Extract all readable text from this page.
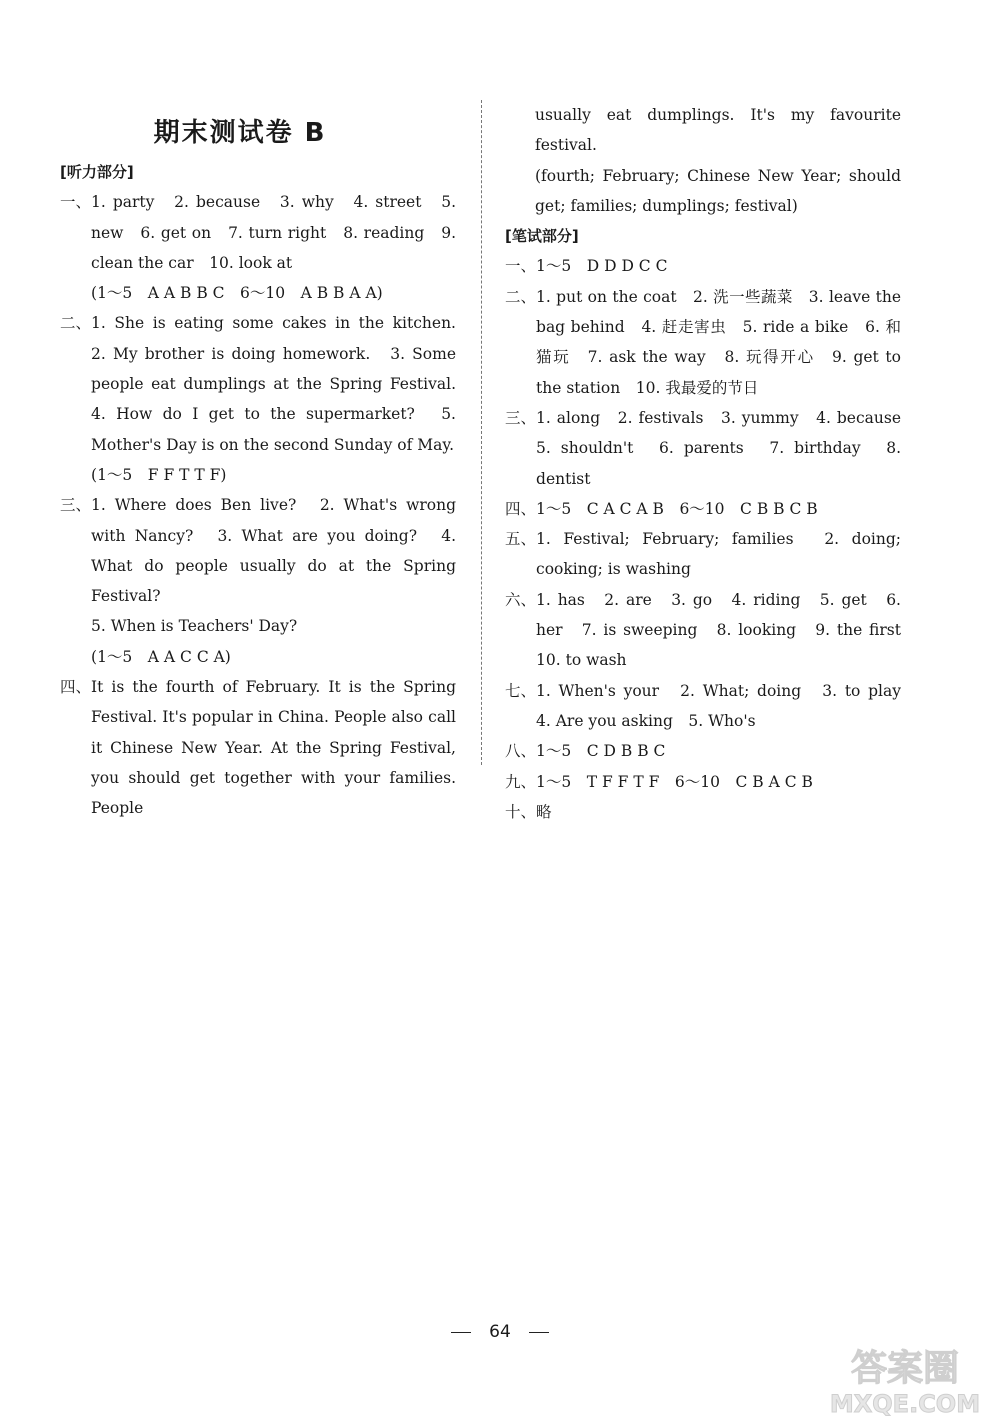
期末测试卷 B
[听力部分]
一、 1. party　2. because　3. why　4. street　5. new　6. get on　7. turn right　8. reading　9. clean the car　10. look at
(1～5　A A B B C　6～10　A B B A A)
二、 1. She is eating some cakes in the kitchen.　2. My brother is doing homework.　3. Some people eat dumplings at the Spring Festival.　4. How do I get to the supermarket?　5. Mother's Day is on the second Sunday of May.
(1～5　F F T T F)
三、 1. Where does Ben live?　2. What's wrong with Nancy?　3. What are you doing?　4. What do people usually do at the Spring Festival?
5. When is Teachers' Day?
(1～5　A A C C A)
四、 It is the fourth of February. It is the Spring Festival. It's popular in China. People also call it Chinese New Year. At the Spring Festival, you should get together with your families. People
usually eat dumplings. It's my favourite festival.
(fourth; February; Chinese New Year; should get; families; dumplings; festival)
[笔试部分]
一、 1～5　D D D C C
二、 1. put on the coat　2. 洗一些蔬菜　3. leave the bag behind　4. 赶走害虫　5. ride a bike　6. 和猫玩　7. ask the way　8. 玩得开心　9. get to the station　10. 我最爱的节日
三、 1. along　2. festivals　3. yummy　4. because　5. shouldn't　6. parents　7. birthday　8. dentist
四、 1～5　C A C A B　6～10　C B B C B
五、 1. Festival; February; families　2. doing; cooking; is washing
六、 1. has　2. are　3. go　4. riding　5. get　6. her　7. is sweeping　8. looking　9. the first　10. to wash
七、 1. When's your　2. What; doing　3. to play　4. Are you asking　5. Who's
八、 1～5　C D B B C
九、 1～5　T F F T F　6～10　C B A C B
十、 略
64
答案圈
MXQE.COM
